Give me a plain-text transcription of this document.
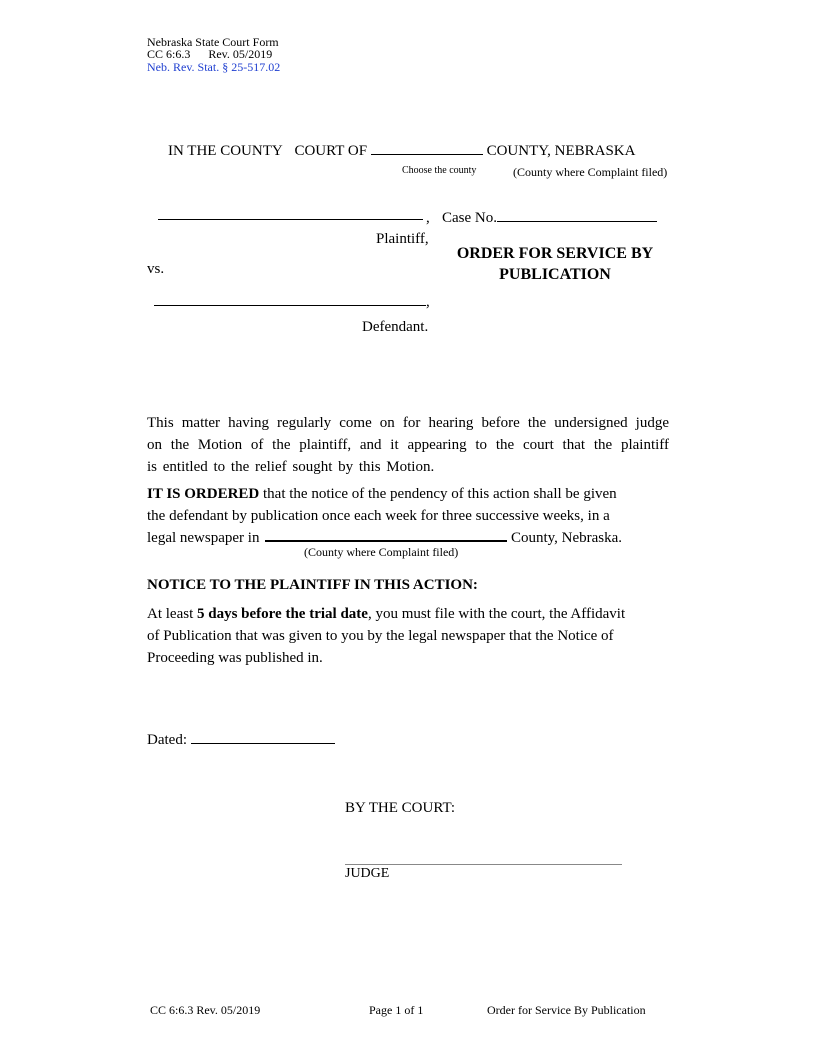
Nebraska State Court Form
CC 6:6.3 Rev. 05/2019
Neb. Rev. Stat. § 25-517.02
IN THE COUNTY COURT OF	COUNTY, NEBRASKA
Choose the county	(County where Complaint filed)
, Case No.
Plaintiff,
ORDER FOR SERVICE BY PUBLICATION
vs.
,
Defendant.
This matter having regularly come on for hearing before the undersigned judge
on the Motion of the plaintiff, and it appearing to the court that the plaintiff
is entitled to the relief sought by this Motion.
IT IS ORDERED that the notice of the pendency of this action shall be given
the defendant by publication once each week for three successive weeks, in a
legal newspaper in	County, Nebraska.
(County where Complaint filed)
NOTICE TO THE PLAINTIFF IN THIS ACTION:
At least 5 days before the trial date, you must file with the court, the Affidavit
of Publication that was given to you by the legal newspaper that the Notice of
Proceeding was published in.
Dated:
BY THE COURT:
JUDGE
CC 6:6.3 Rev. 05/2019	Page 1 of 1	Order for Service By Publication
